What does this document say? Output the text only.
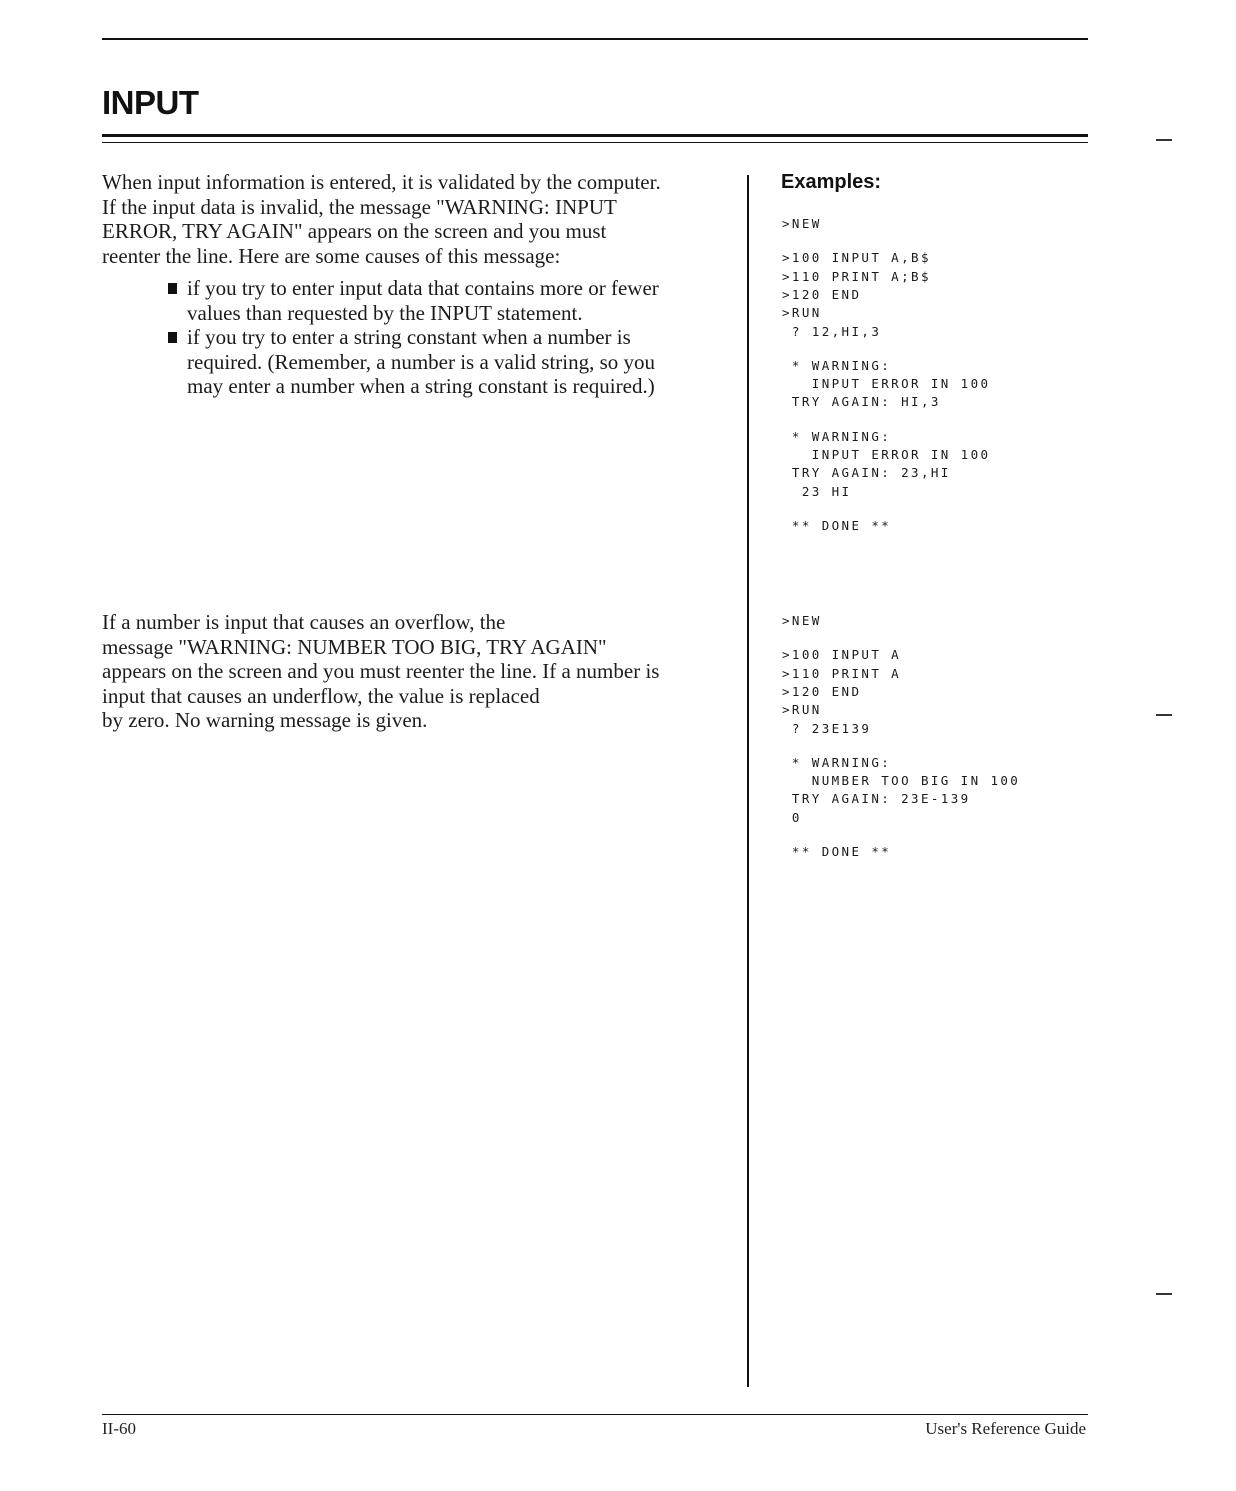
INPUT

When input information is entered, it is validated by the computer.
If the input data is invalid, the message "WARNING: INPUT
ERROR, TRY AGAIN" appears on the screen and you must
reenter the line. Here are some causes of this message:

if you try to enter input data that contains more or fewer
values than requested by the INPUT statement.
if you try to enter a string constant when a number is
required. (Remember, a number is a valid string, so you
may enter a number when a string constant is required.)

If a number is input that causes an overflow, the
message "WARNING: NUMBER TOO BIG, TRY AGAIN"
appears on the screen and you must reenter the line. If a number is
input that causes an underflow, the value is replaced
by zero. No warning message is given.

Examples:
>NEW
>100 INPUT A,B$
>110 PRINT A;B$
>120 END
>RUN
? 12,HI,3
* WARNING:
INPUT ERROR IN 100
TRY AGAIN: HI,3
* WARNING:
INPUT ERROR IN 100
TRY AGAIN: 23,HI
23 HI
** DONE **
>NEW
>100 INPUT A
>110 PRINT A
>120 END
>RUN
? 23E139
* WARNING:
NUMBER TOO BIG IN 100
TRY AGAIN: 23E-139
0
** DONE **
II-60	User's Reference Guide
